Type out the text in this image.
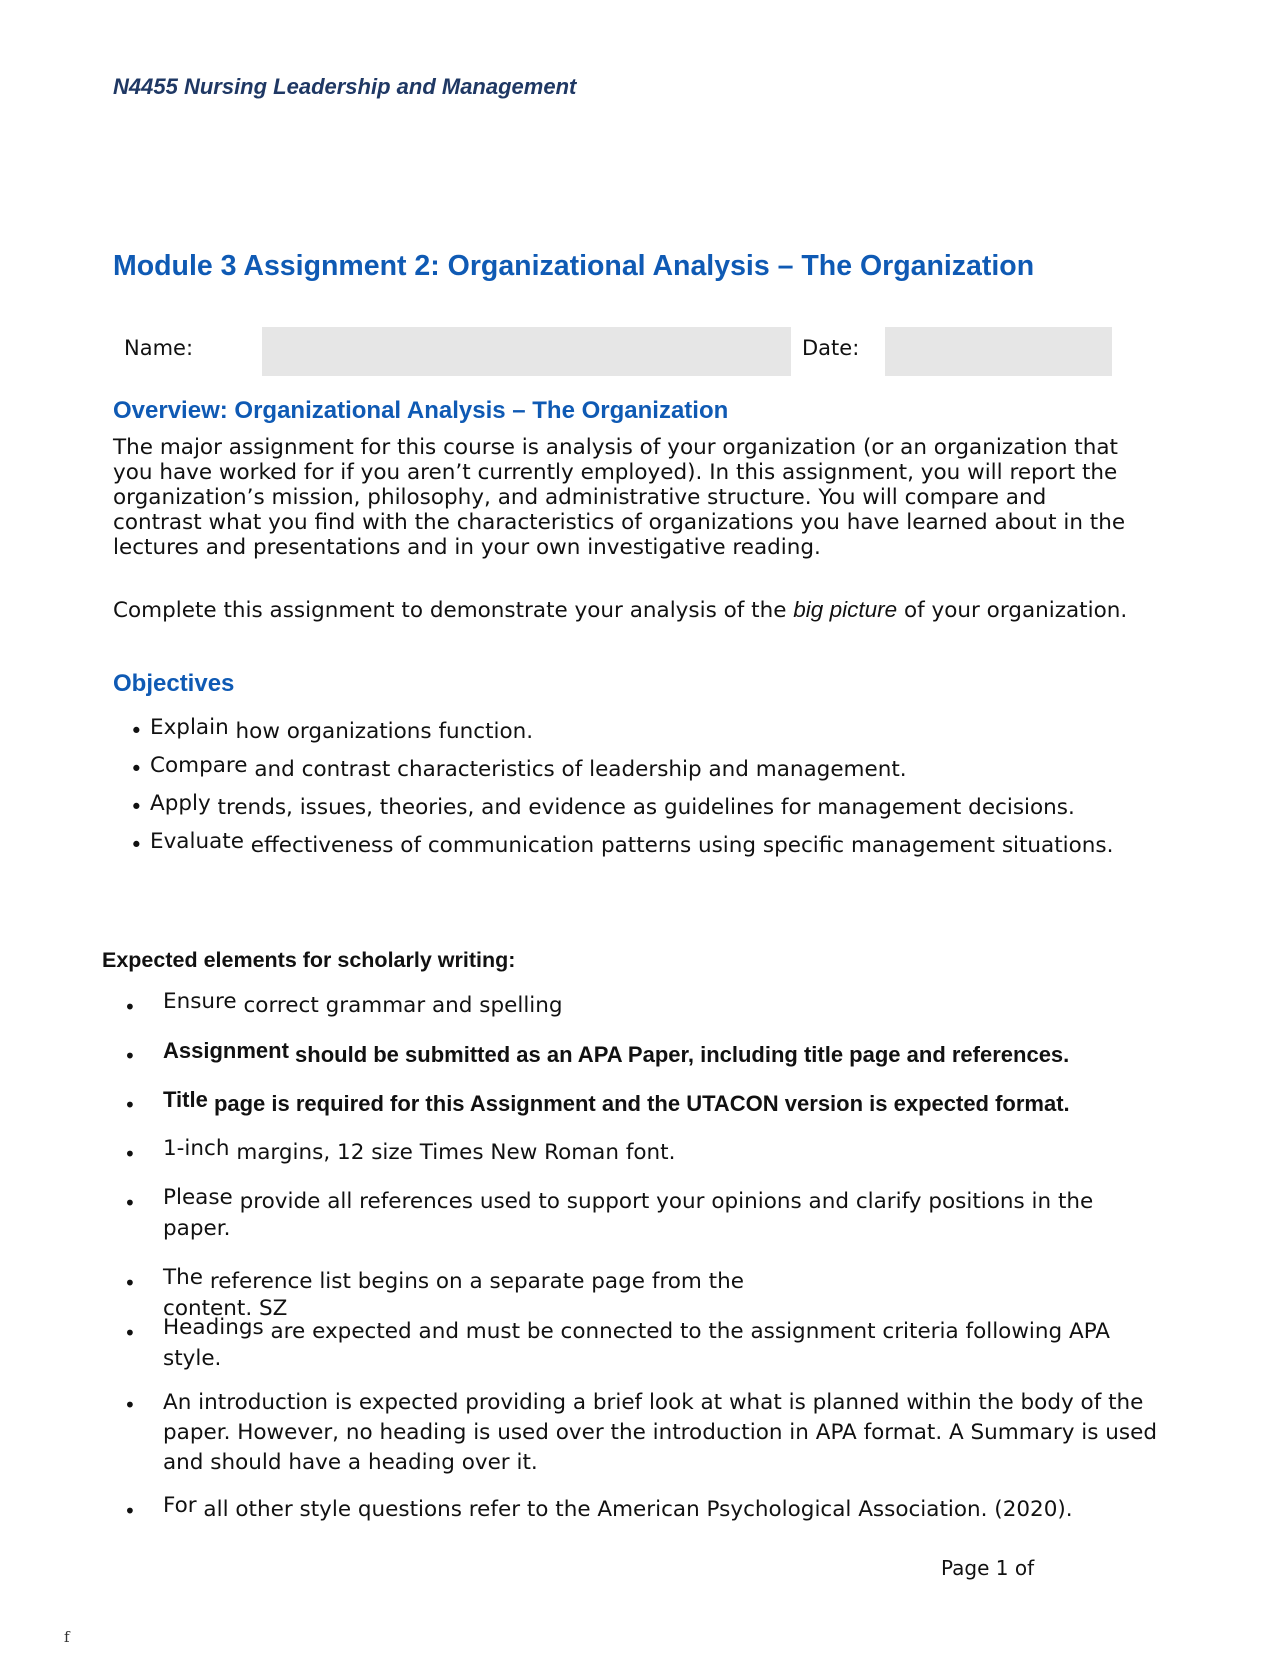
N4455 Nursing Leadership and Management
Module 3 Assignment 2: Organizational Analysis – The Organization
Name:	Date:
Overview: Organizational Analysis – The Organization

The major assignment for this course is analysis of your organization (or an organization that you have worked for if you aren’t currently employed). In this assignment, you will report the organization’s mission, philosophy, and administrative structure. You will compare and contrast what you find with the characteristics of organizations you have learned about in the lectures and presentations and in your own investigative reading.

Complete this assignment to demonstrate your analysis of the big picture of your organization.

Objectives
• Explain how organizations function.
• Compare and contrast characteristics of leadership and management.
• Apply trends, issues, theories, and evidence as guidelines for management decisions.
• Evaluate effectiveness of communication patterns using specific management situations.
Expected elements for scholarly writing:
• Ensure correct grammar and spelling
• Assignment should be submitted as an APA Paper, including title page and references.
• Title page is required for this Assignment and the UTACON version is expected format.
• 1-inch margins, 12 size Times New Roman font.
• Please provide all references used to support your opinions and clarify positions in the paper.
• The reference list begins on a separate page from the
content. SZ
• Headings are expected and must be connected to the assignment criteria following APA style.
• An introduction is expected providing a brief look at what is planned within the body of the paper. However, no heading is used over the introduction in APA format. A Summary is used and should have a heading over it.
• For all other style questions refer to the American Psychological Association. (2020).
Page 1 of
f
